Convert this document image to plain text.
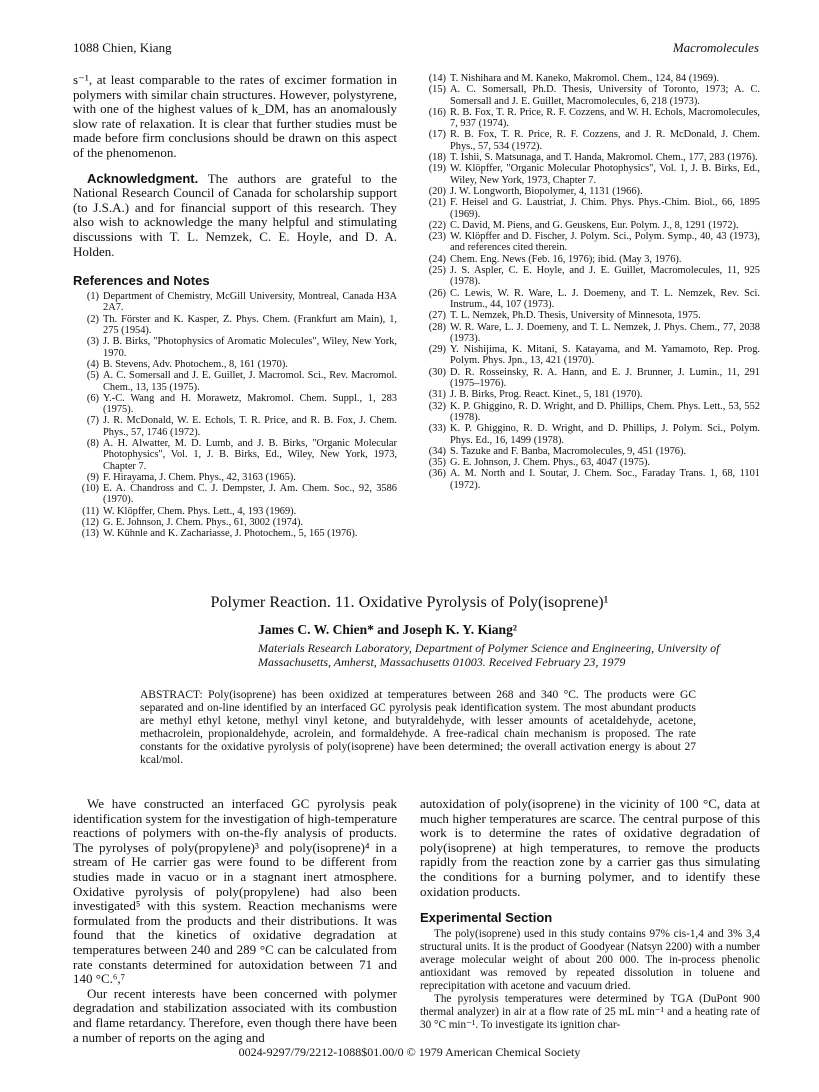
1088 Chien, Kiang	Macromolecules

s⁻¹, at least comparable to the rates of excimer formation in polymers with similar chain structures. However, polystyrene, with one of the highest values of k_DM, has an anomalously slow rate of relaxation. It is clear that further studies must be made before firm conclusions should be drawn on this aspect of the phenomenon.

Acknowledgment. The authors are grateful to the National Research Council of Canada for scholarship support (to J.S.A.) and for financial support of this research. They also wish to acknowledge the many helpful and stimulating discussions with T. L. Nemzek, C. E. Hoyle, and D. A. Holden.

References and Notes

(1) Department of Chemistry, McGill University, Montreal, Canada H3A 2A7.
(2) Th. Förster and K. Kasper, Z. Phys. Chem. (Frankfurt am Main), 1, 275 (1954).
(3) J. B. Birks, "Photophysics of Aromatic Molecules", Wiley, New York, 1970.
(4) B. Stevens, Adv. Photochem., 8, 161 (1970).
(5) A. C. Somersall and J. E. Guillet, J. Macromol. Sci., Rev. Macromol. Chem., 13, 135 (1975).
(6) Y.-C. Wang and H. Morawetz, Makromol. Chem. Suppl., 1, 283 (1975).
(7) J. R. McDonald, W. E. Echols, T. R. Price, and R. B. Fox, J. Chem. Phys., 57, 1746 (1972).
(8) A. H. Alwatter, M. D. Lumb, and J. B. Birks, "Organic Molecular Photophysics", Vol. 1, J. B. Birks, Ed., Wiley, New York, 1973, Chapter 7.
(9) F. Hirayama, J. Chem. Phys., 42, 3163 (1965).
(10) E. A. Chandross and C. J. Dempster, J. Am. Chem. Soc., 92, 3586 (1970).
(11) W. Klöpffer, Chem. Phys. Lett., 4, 193 (1969).
(12) G. E. Johnson, J. Chem. Phys., 61, 3002 (1974).
(13) W. Kühnle and K. Zachariasse, J. Photochem., 5, 165 (1976).
(14) T. Nishihara and M. Kaneko, Makromol. Chem., 124, 84 (1969).
(15) A. C. Somersall, Ph.D. Thesis, University of Toronto, 1973; A. C. Somersall and J. E. Guillet, Macromolecules, 6, 218 (1973).
(16) R. B. Fox, T. R. Price, R. F. Cozzens, and W. H. Echols, Macromolecules, 7, 937 (1974).
(17) R. B. Fox, T. R. Price, R. F. Cozzens, and J. R. McDonald, J. Chem. Phys., 57, 534 (1972).
(18) T. Ishii, S. Matsunaga, and T. Handa, Makromol. Chem., 177, 283 (1976).
(19) W. Klöpffer, "Organic Molecular Photophysics", Vol. 1, J. B. Birks, Ed., Wiley, New York, 1973, Chapter 7.
(20) J. W. Longworth, Biopolymer, 4, 1131 (1966).
(21) F. Heisel and G. Laustriat, J. Chim. Phys. Phys.-Chim. Biol., 66, 1895 (1969).
(22) C. David, M. Piens, and G. Geuskens, Eur. Polym. J., 8, 1291 (1972).
(23) W. Klöpffer and D. Fischer, J. Polym. Sci., Polym. Symp., 40, 43 (1973), and references cited therein.
(24) Chem. Eng. News (Feb. 16, 1976); ibid. (May 3, 1976).
(25) J. S. Aspler, C. E. Hoyle, and J. E. Guillet, Macromolecules, 11, 925 (1978).
(26) C. Lewis, W. R. Ware, L. J. Doemeny, and T. L. Nemzek, Rev. Sci. Instrum., 44, 107 (1973).
(27) T. L. Nemzek, Ph.D. Thesis, University of Minnesota, 1975.
(28) W. R. Ware, L. J. Doemeny, and T. L. Nemzek, J. Phys. Chem., 77, 2038 (1973).
(29) Y. Nishijima, K. Mitani, S. Katayama, and M. Yamamoto, Rep. Prog. Polym. Phys. Jpn., 13, 421 (1970).
(30) D. R. Rosseinsky, R. A. Hann, and E. J. Brunner, J. Lumin., 11, 291 (1975–1976).
(31) J. B. Birks, Prog. React. Kinet., 5, 181 (1970).
(32) K. P. Ghiggino, R. D. Wright, and D. Phillips, Chem. Phys. Lett., 53, 552 (1978).
(33) K. P. Ghiggino, R. D. Wright, and D. Phillips, J. Polym. Sci., Polym. Phys. Ed., 16, 1499 (1978).
(34) S. Tazuke and F. Banba, Macromolecules, 9, 451 (1976).
(35) G. E. Johnson, J. Chem. Phys., 63, 4047 (1975).
(36) A. M. North and I. Soutar, J. Chem. Soc., Faraday Trans. 1, 68, 1101 (1972).
Polymer Reaction. 11. Oxidative Pyrolysis of Poly(isoprene)¹
James C. W. Chien* and Joseph K. Y. Kiang²
Materials Research Laboratory, Department of Polymer Science and Engineering, University of Massachusetts, Amherst, Massachusetts 01003. Received February 23, 1979

ABSTRACT: Poly(isoprene) has been oxidized at temperatures between 268 and 340 °C. The products were GC separated and on-line identified by an interfaced GC pyrolysis peak identification system. The most abundant products are methyl ethyl ketone, methyl vinyl ketone, and butyraldehyde, with lesser amounts of acetaldehyde, acetone, methacrolein, propionaldehyde, acrolein, and formaldehyde. A free-radical chain mechanism is proposed. The rate constants for the oxidative pyrolysis of poly(isoprene) have been determined; the overall activation energy is about 27 kcal/mol.

We have constructed an interfaced GC pyrolysis peak identification system for the investigation of high-temperature reactions of polymers with on-the-fly analysis of products. The pyrolyses of poly(propylene)³ and poly(isoprene)⁴ in a stream of He carrier gas were found to be different from studies made in vacuo or in a stagnant inert atmosphere. Oxidative pyrolysis of poly(propylene) had also been investigated⁵ with this system. Reaction mechanisms were formulated from the products and their distributions. It was found that the kinetics of oxidative degradation at temperatures between 240 and 289 °C can be calculated from rate constants determined for autoxidation between 71 and 140 °C.⁶,⁷

Our recent interests have been concerned with polymer degradation and stabilization associated with its combustion and flame retardancy. Therefore, even though there have been a number of reports on the aging and

autoxidation of poly(isoprene) in the vicinity of 100 °C, data at much higher temperatures are scarce. The central purpose of this work is to determine the rates of oxidative degradation of poly(isoprene) at high temperatures, to remove the products rapidly from the reaction zone by a carrier gas thus simulating the conditions for a burning polymer, and to identify these oxidation products.

Experimental Section

The poly(isoprene) used in this study contains 97% cis-1,4 and 3% 3,4 structural units. It is the product of Goodyear (Natsyn 2200) with a number average molecular weight of about 200 000. The in-process phenolic antioxidant was removed by repeated dissolution in toluene and reprecipitation with acetone and vacuum dried.

The pyrolysis temperatures were determined by TGA (DuPont 900 thermal analyzer) in air at a flow rate of 25 mL min⁻¹ and a heating rate of 30 °C min⁻¹. To investigate its ignition char-

0024-9297/79/2212-1088$01.00/0 © 1979 American Chemical Society
